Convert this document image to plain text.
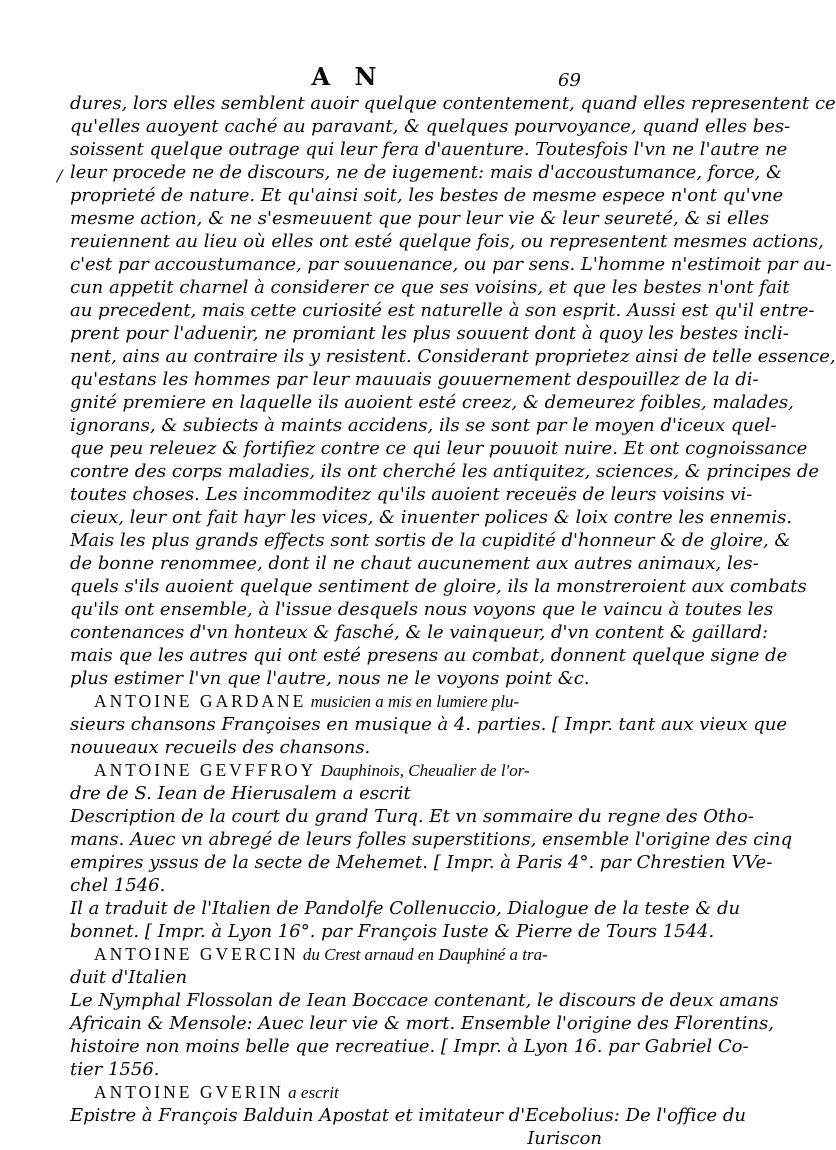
A N	69
/
dures, lors elles semblent auoir quelque contentement, quand elles representent ce
qu'elles auoyent caché au paravant, & quelques pourvoyance, quand elles bes-
soissent quelque outrage qui leur fera d'auenture. Toutesfois l'vn ne l'autre ne
leur procede ne de discours, ne de iugement: mais d'accoustumance, force, &
proprieté de nature. Et qu'ainsi soit, les bestes de mesme espece n'ont qu'vne
mesme action, & ne s'esmeuuent que pour leur vie & leur seureté, & si elles
reuiennent au lieu où elles ont esté quelque fois, ou representent mesmes actions,
c'est par accoustumance, par souuenance, ou par sens. L'homme n'estimoit par au-
cun appetit charnel à considerer ce que ses voisins, et que les bestes n'ont fait
au precedent, mais cette curiosité est naturelle à son esprit. Aussi est qu'il entre-
prent pour l'aduenir, ne promiant les plus souuent dont à quoy les bestes incli-
nent, ains au contraire ils y resistent. Considerant proprietez ainsi de telle essence,
qu'estans les hommes par leur mauuais gouuernement despouillez de la di-
gnité premiere en laquelle ils auoient esté creez, & demeurez foibles, malades,
ignorans, & subiects à maints accidens, ils se sont par le moyen d'iceux quel-
que peu releuez & fortifiez contre ce qui leur pouuoit nuire. Et ont cognoissance
contre des corps maladies, ils ont cherché les antiquitez, sciences, & principes de
toutes choses. Les incommoditez qu'ils auoient receuës de leurs voisins vi-
cieux, leur ont fait hayr les vices, & inuenter polices & loix contre les ennemis.
Mais les plus grands effects sont sortis de la cupidité d'honneur & de gloire, &
de bonne renommee, dont il ne chaut aucunement aux autres animaux, les-
quels s'ils auoient quelque sentiment de gloire, ils la monstreroient aux combats
qu'ils ont ensemble, à l'issue desquels nous voyons que le vaincu à toutes les
contenances d'vn honteux & fasché, & le vainqueur, d'vn content & gaillard:
mais que les autres qui ont esté presens au combat, donnent quelque signe de
plus estimer l'vn que l'autre, nous ne le voyons point &c.
ANTOINE GARDANE musicien a mis en lumiere plu-
sieurs chansons Françoises en musique à 4. parties. [ Impr. tant aux vieux que
nouueaux recueils des chansons.
ANTOINE GEVFFROY Dauphinois, Cheualier de l'or-
dre de S. Iean de Hierusalem a escrit
Description de la court du grand Turq. Et vn sommaire du regne des Otho-
mans. Auec vn abregé de leurs folles superstitions, ensemble l'origine des cinq
empires yssus de la secte de Mehemet. [ Impr. à Paris 4°. par Chrestien VVe-
chel 1546.
Il a traduit de l'Italien de Pandolfe Collenuccio, Dialogue de la teste & du
bonnet. [ Impr. à Lyon 16°. par François Iuste & Pierre de Tours 1544.
ANTOINE GVERCIN du Crest arnaud en Dauphiné a tra-
duit d'Italien
Le Nymphal Flossolan de Iean Boccace contenant, le discours de deux amans
Africain & Mensole: Auec leur vie & mort. Ensemble l'origine des Florentins,
histoire non moins belle que recreatiue. [ Impr. à Lyon 16. par Gabriel Co-
tier 1556.
ANTOINE GVERIN a escrit
Epistre à François Balduin Apostat et imitateur d'Ecebolius: De l'office du
Iuriscon
